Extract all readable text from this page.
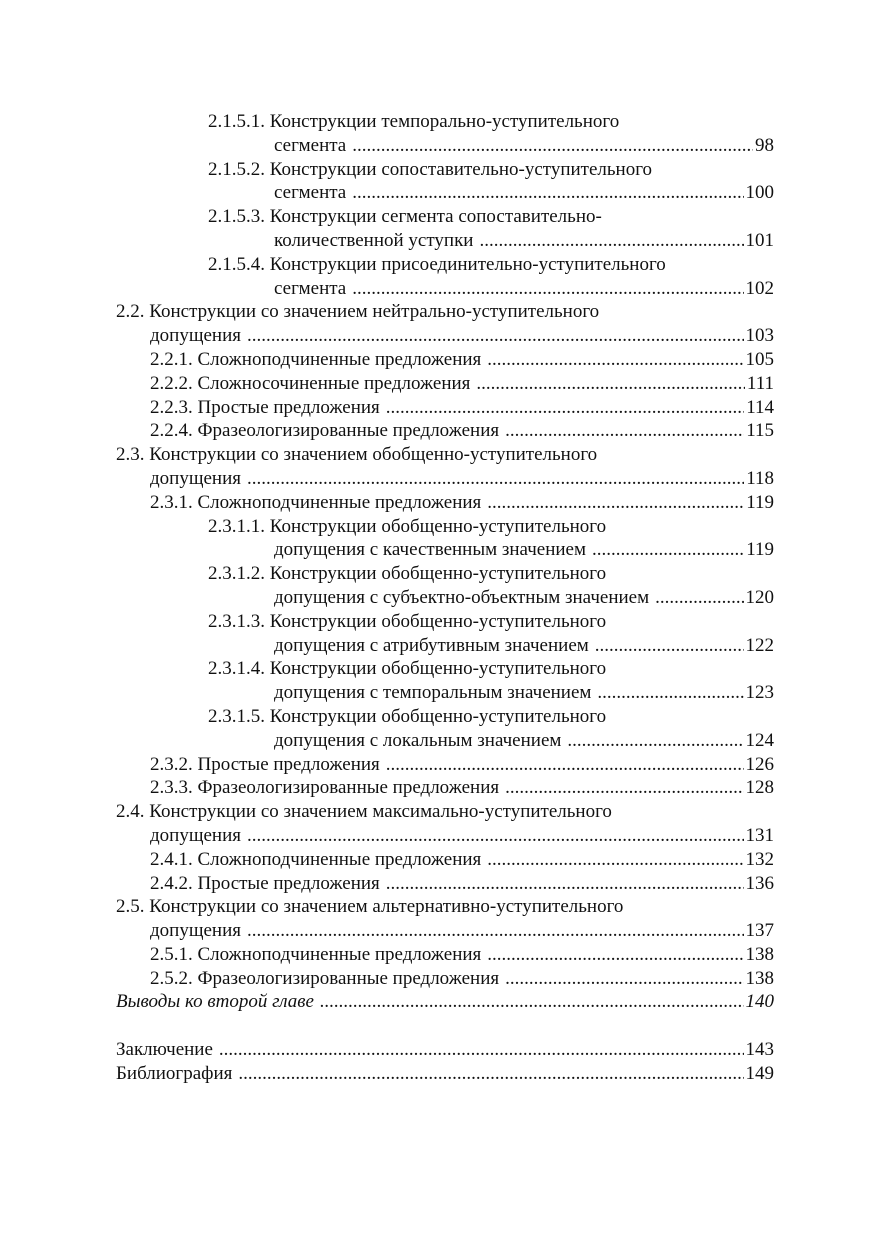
2.1.5.1. Конструкции темпорально-уступительного
сегмента .....	98
2.1.5.2. Конструкции сопоставительно-уступительного
сегмента .....	100
2.1.5.3. Конструкции сегмента сопоставительно-
количественной уступки .....	101
2.1.5.4. Конструкции присоединительно-уступительного
сегмента .....	102
2.2. Конструкции со значением нейтрально-уступительного
допущения .....	103
2.2.1. Сложноподчиненные предложения .....	105
2.2.2. Сложносочиненные предложения .....	111
2.2.3. Простые предложения .....	114
2.2.4. Фразеологизированные предложения .....	115
2.3. Конструкции со значением обобщенно-уступительного
допущения .....	118
2.3.1. Сложноподчиненные предложения .....	119
2.3.1.1. Конструкции обобщенно-уступительного
допущения с качественным значением .....	119
2.3.1.2. Конструкции обобщенно-уступительного
допущения с субъектно-объектным значением .....	120
2.3.1.3. Конструкции обобщенно-уступительного
допущения с атрибутивным значением .....	122
2.3.1.4. Конструкции обобщенно-уступительного
допущения с темпоральным значением .....	123
2.3.1.5. Конструкции обобщенно-уступительного
допущения с локальным значением .....	124
2.3.2. Простые предложения .....	126
2.3.3. Фразеологизированные предложения .....	128
2.4. Конструкции со значением максимально-уступительного
допущения .....	131
2.4.1. Сложноподчиненные предложения .....	132
2.4.2. Простые предложения .....	136
2.5. Конструкции со значением альтернативно-уступительного
допущения .....	137
2.5.1. Сложноподчиненные предложения .....	138
2.5.2. Фразеологизированные предложения .....	138
Выводы ко второй главе .....	140
Заключение .....	143
Библиография .....	149
